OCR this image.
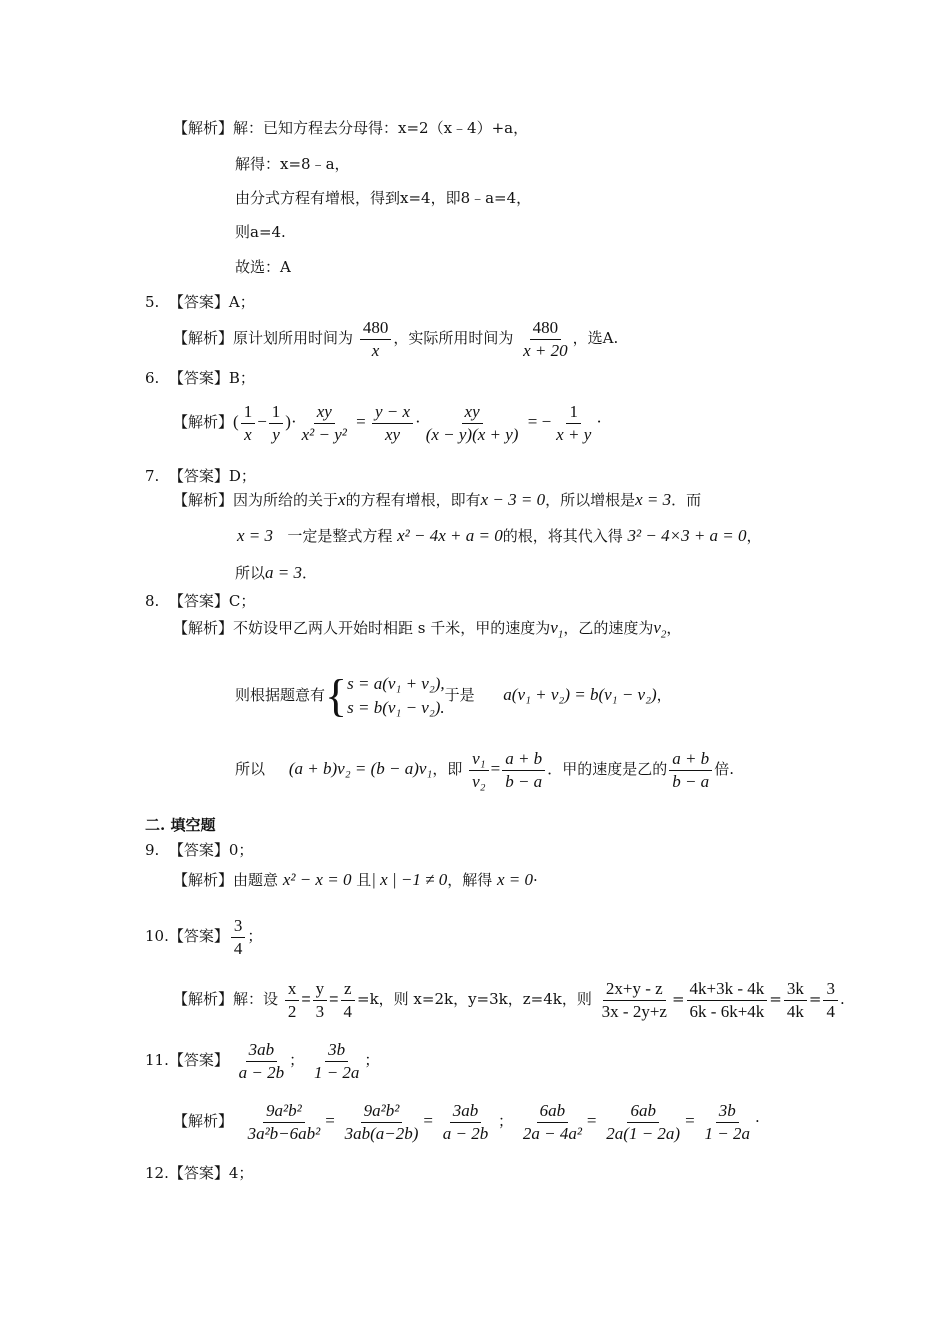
【解析】解：已知方程去分母得：x=2（x﹣4）+a，
解得：x=8﹣a，
由分式方程有增根，得到x=4，即8﹣a=4，
则a=4.
故选：A
5. 【答案】A；
【解析】原计划所用时间为 $\frac{480}{x}$ ，实际所用时间为 $\frac{480}{x + 20}$ ，选A.
6. 【答案】B；
【解析】( $\frac{1}{x} - \frac{1}{y}$ )· $\frac{xy}{\text{x² − y²}} = \frac{y - x}{xy} \cdot \frac{xy}{(x - y)(x + y)}$ = − $\frac{1}{x + y}$ ·
7. 【答案】D；
【解析】因为所给的关于x的方程有增根，即有x − 3 = 0，所以增根是x = 3．而
x = 3 一定是整式方程 x² − 4x + a = 0的根，将其代入得 3² − 4×3 + a = 0，
所以a = 3．
8. 【答案】C；
【解析】不妨设甲乙两人开始时相距 s 千米，甲的速度为$v_1$，乙的速度为$v_2$，
则根据题意有{ s = a(v₁ + v₂),
s = b(v₁ − v₂).
于是 a(v₁ + v₂) = b(v₁ − v₂)，
所以 (a + b)v₂ = (b − a)v₁，即 $\frac{\text{v₁}}{\text{v₂}} = \frac{a + b}{b - a}$ ．甲的速度是乙的 $\frac{a + b}{b - a}$ 倍.
二. 填空题
9. 【答案】0；
【解析】由题意 x² − x = 0 且| x | −1 ≠ 0，解得 x = 0·
10.【答案】 $\frac{3}{4}$ ；
【解析】解：设 $\frac{x}{2} = \frac{y}{3} = \frac{z}{4} =k$，则 x=2k，y=3k，z=4k，则 $\frac{2x+y - z}{3x - 2y+z} = \frac{4k+3k - 4k}{6k - 6k+4k} = \frac{3k}{4k} = \frac{3}{4}$ .
11.【答案】 $\frac{3ab}{a - 2b}$ ； $\frac{3b}{1 - 2a}$ ；
【解析】 $\frac{\text{9a²b²}}{\text{3a²b−6ab²}} = \frac{\text{9a²b²}}{3ab(a-2b)} = \frac{3ab}{a - 2b}$ ； $\frac{6ab}{\text{2a − 4a²}} = \frac{6ab}{2a(1 - 2a)} = \frac{3b}{1 - 2a}$ ·
12.【答案】4；
